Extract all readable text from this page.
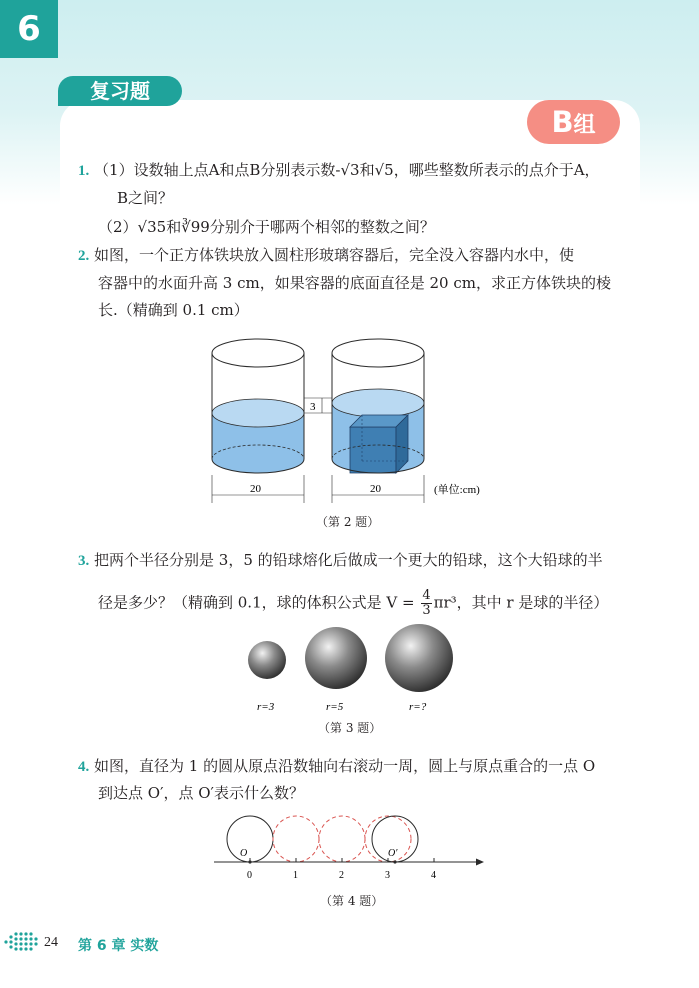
6
复习题
B组
1. （1）设数轴上点A和点B分别表示数-√3和√5，哪些整数所表示的点介于A，
B之间？
（2）√35和∛99分别介于哪两个相邻的整数之间？
2. 如图，一个正方体铁块放入圆柱形玻璃容器后，完全没入容器内水中，使
容器中的水面升高 3 cm，如果容器的底面直径是 20 cm，求正方体铁块的棱
长.（精确到 0.1 cm）
3
20	20	(单位:cm)
（第 2 题）
3. 把两个半径分别是 3，5 的铅球熔化后做成一个更大的铅球，这个大铅球的半
径是多少？（精确到 0.1，球的体积公式是 $V = \frac{4}{3} \pi r^3$，其中 r 是球的半径）
r=3	r=5	r=?
（第 3 题）
4. 如图，直径为 1 的圆从原点沿数轴向右滚动一周，圆上与原点重合的一点 O
到达点 O′，点 O′表示什么数？
O	O′
0	1	2	3	4
（第 4 题）
24 第 6 章 实数
